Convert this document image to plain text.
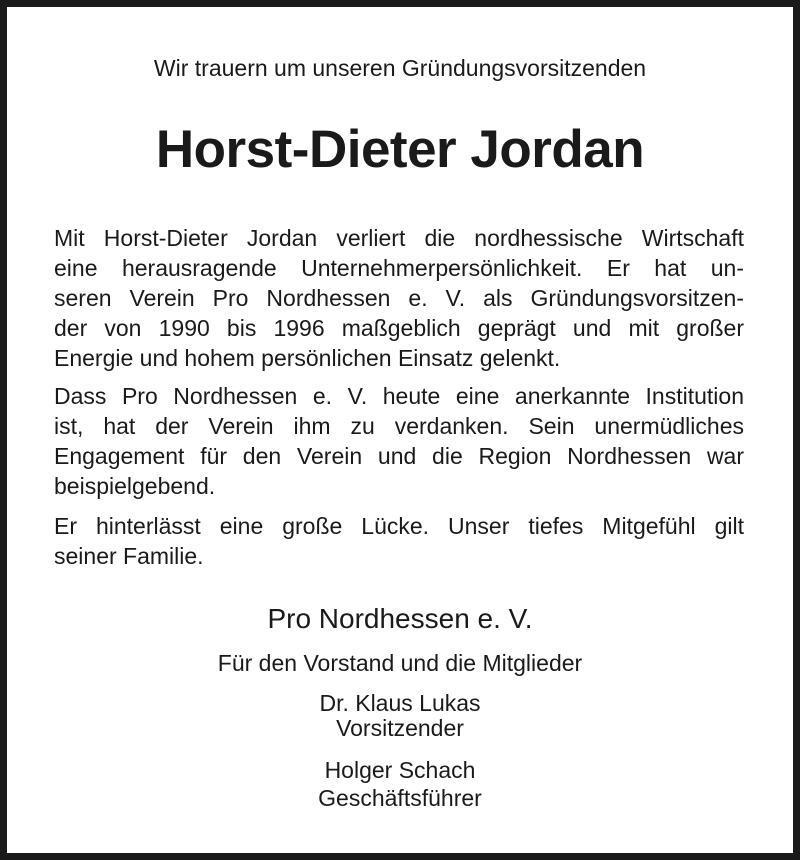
Wir trauern um unseren Gründungsvorsitzenden
Horst-Dieter Jordan
Mit Horst-Dieter Jordan verliert die nordhessische Wirtschaft
eine herausragende Unternehmerpersönlichkeit. Er hat un-
seren Verein Pro Nordhessen e. V. als Gründungsvorsitzen-
der von 1990 bis 1996 maßgeblich geprägt und mit großer
Energie und hohem persönlichen Einsatz gelenkt.
Dass Pro Nordhessen e. V. heute eine anerkannte Institution
ist, hat der Verein ihm zu verdanken. Sein unermüdliches
Engagement für den Verein und die Region Nordhessen war
beispielgebend.
Er hinterlässt eine große Lücke. Unser tiefes Mitgefühl gilt
seiner Familie.
Pro Nordhessen e. V.
Für den Vorstand und die Mitglieder
Dr. Klaus Lukas
Vorsitzender
Holger Schach
Geschäftsführer
